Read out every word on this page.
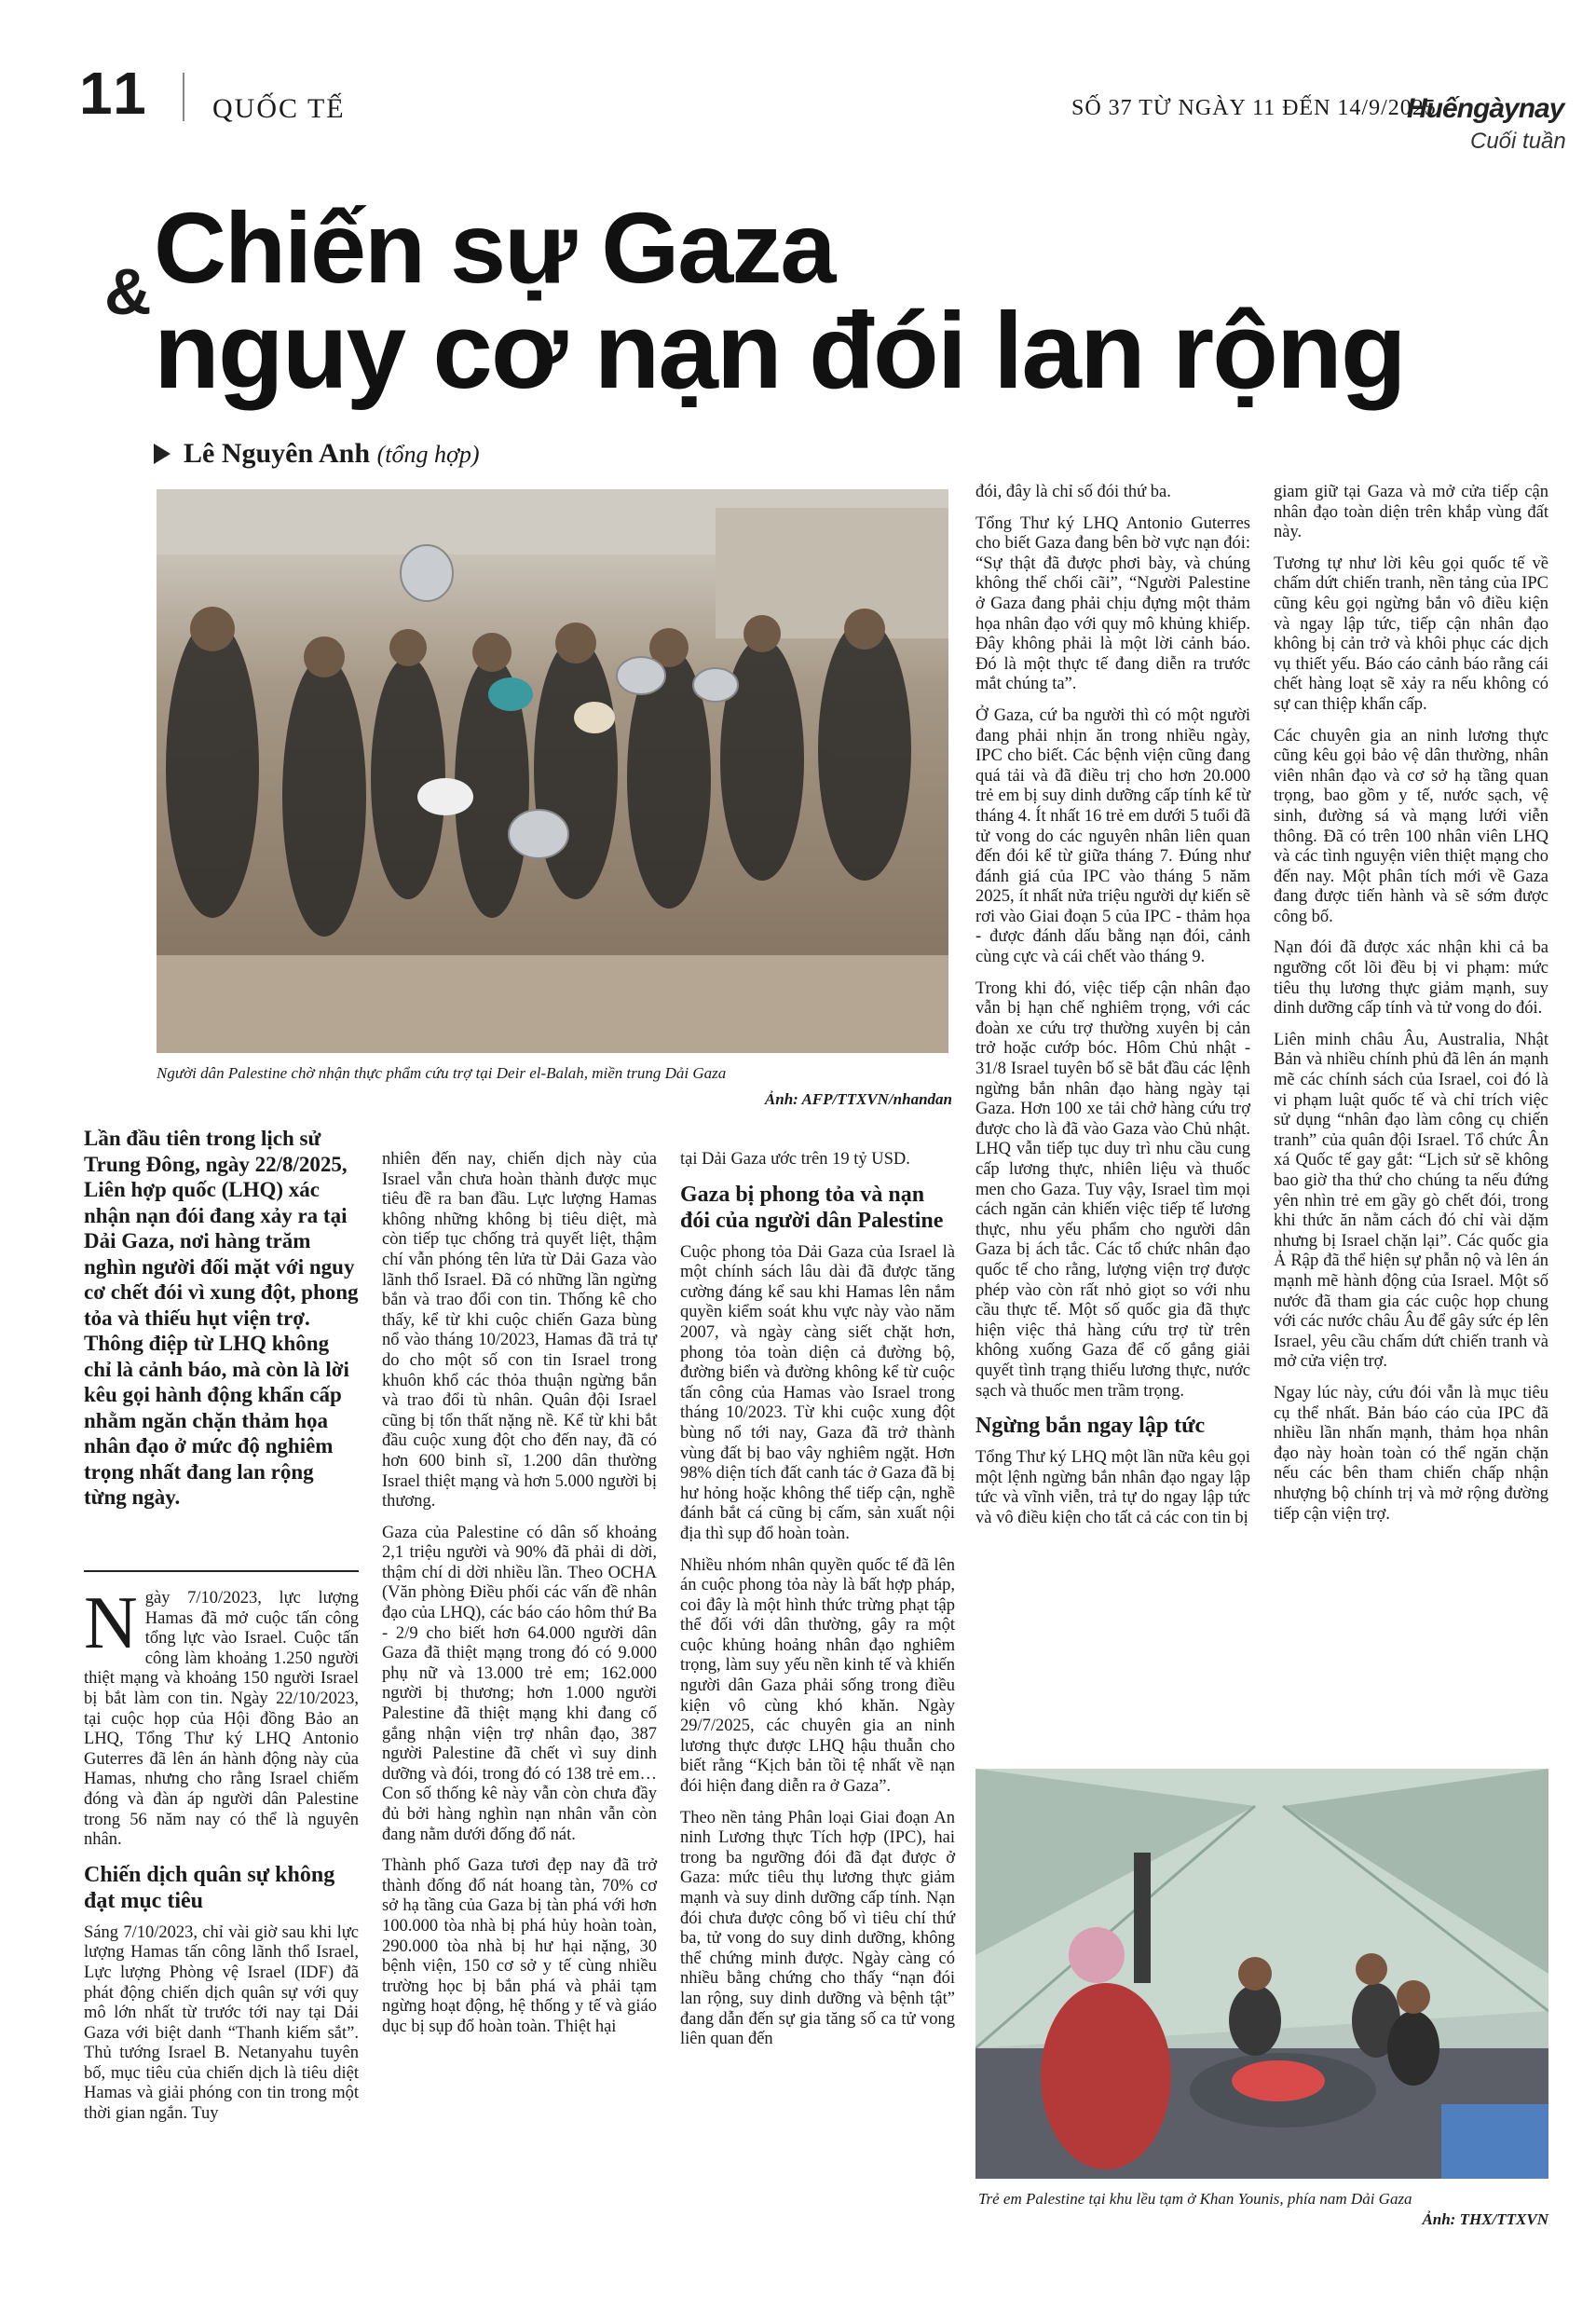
11 QUỐC TẾ	SỐ 37 TỪ NGÀY 11 ĐẾN 14/9/2025
Huếngàynay
Cuối tuần
Chiến sự Gaza
& nguy cơ nạn đói lan rộng
Lê Nguyên Anh (tổng hợp)
Người dân Palestine chờ nhận thực phẩm cứu trợ tại Deir el-Balah, miền trung Dải Gaza
Ảnh: AFP/TTXVN/nhandan
Lần đầu tiên trong lịch sử Trung Đông, ngày 22/8/2025, Liên hợp quốc (LHQ) xác nhận nạn đói đang xảy ra tại Dải Gaza, nơi hàng trăm nghìn người đối mặt với nguy cơ chết đói vì xung đột, phong tỏa và thiếu hụt viện trợ. Thông điệp từ LHQ không chỉ là cảnh báo, mà còn là lời kêu gọi hành động khẩn cấp nhằm ngăn chặn thảm họa nhân đạo ở mức độ nghiêm trọng nhất đang lan rộng từng ngày.

Ngày 7/10/2023, lực lượng Hamas đã mở cuộc tấn công tổng lực vào Israel. Cuộc tấn công làm khoảng 1.250 người thiệt mạng và khoảng 150 người Israel bị bắt làm con tin. Ngày 22/10/2023, tại cuộc họp của Hội đồng Bảo an LHQ, Tổng Thư ký LHQ Antonio Guterres đã lên án hành động này của Hamas, nhưng cho rằng Israel chiếm đóng và đàn áp người dân Palestine trong 56 năm nay có thể là nguyên nhân.

Chiến dịch quân sự không đạt mục tiêu

Sáng 7/10/2023, chỉ vài giờ sau khi lực lượng Hamas tấn công lãnh thổ Israel, Lực lượng Phòng vệ Israel (IDF) đã phát động chiến dịch quân sự với quy mô lớn nhất từ trước tới nay tại Dải Gaza với biệt danh “Thanh kiếm sắt”. Thủ tướng Israel B. Netanyahu tuyên bố, mục tiêu của chiến dịch là tiêu diệt Hamas và giải phóng con tin trong một thời gian ngắn. Tuy

nhiên đến nay, chiến dịch này của Israel vẫn chưa hoàn thành được mục tiêu đề ra ban đầu. Lực lượng Hamas không những không bị tiêu diệt, mà còn tiếp tục chống trả quyết liệt, thậm chí vẫn phóng tên lửa từ Dải Gaza vào lãnh thổ Israel. Đã có những lần ngừng bắn và trao đổi con tin. Thống kê cho thấy, kể từ khi cuộc chiến Gaza bùng nổ vào tháng 10/2023, Hamas đã trả tự do cho một số con tin Israel trong khuôn khổ các thỏa thuận ngừng bắn và trao đổi tù nhân. Quân đội Israel cũng bị tổn thất nặng nề. Kể từ khi bắt đầu cuộc xung đột cho đến nay, đã có hơn 600 binh sĩ, 1.200 dân thường Israel thiệt mạng và hơn 5.000 người bị thương.

Gaza của Palestine có dân số khoảng 2,1 triệu người và 90% đã phải di dời, thậm chí di dời nhiều lần. Theo OCHA (Văn phòng Điều phối các vấn đề nhân đạo của LHQ), các báo cáo hôm thứ Ba - 2/9 cho biết hơn 64.000 người dân Gaza đã thiệt mạng trong đó có 9.000 phụ nữ và 13.000 trẻ em; 162.000 người bị thương; hơn 1.000 người Palestine đã thiệt mạng khi đang cố gắng nhận viện trợ nhân đạo, 387 người Palestine đã chết vì suy dinh dưỡng và đói, trong đó có 138 trẻ em… Con số thống kê này vẫn còn chưa đầy đủ bởi hàng nghìn nạn nhân vẫn còn đang nằm dưới đống đổ nát.

Thành phố Gaza tươi đẹp nay đã trở thành đống đổ nát hoang tàn, 70% cơ sở hạ tầng của Gaza bị tàn phá với hơn 100.000 tòa nhà bị phá hủy hoàn toàn, 290.000 tòa nhà bị hư hại nặng, 30 bệnh viện, 150 cơ sở y tế cùng nhiều trường học bị bắn phá và phải tạm ngừng hoạt động, hệ thống y tế và giáo dục bị sụp đổ hoàn toàn. Thiệt hại

tại Dải Gaza ước trên 19 tỷ USD.

Gaza bị phong tỏa và nạn đói của người dân Palestine

Cuộc phong tỏa Dải Gaza của Israel là một chính sách lâu dài đã được tăng cường đáng kể sau khi Hamas lên nắm quyền kiểm soát khu vực này vào năm 2007, và ngày càng siết chặt hơn, phong tỏa toàn diện cả đường bộ, đường biển và đường không kể từ cuộc tấn công của Hamas vào Israel trong tháng 10/2023. Từ khi cuộc xung đột bùng nổ tới nay, Gaza đã trở thành vùng đất bị bao vây nghiêm ngặt. Hơn 98% diện tích đất canh tác ở Gaza đã bị hư hỏng hoặc không thể tiếp cận, nghề đánh bắt cá cũng bị cấm, sản xuất nội địa thì sụp đổ hoàn toàn.

Nhiều nhóm nhân quyền quốc tế đã lên án cuộc phong tỏa này là bất hợp pháp, coi đây là một hình thức trừng phạt tập thể đối với dân thường, gây ra một cuộc khủng hoảng nhân đạo nghiêm trọng, làm suy yếu nền kinh tế và khiến người dân Gaza phải sống trong điều kiện vô cùng khó khăn. Ngày 29/7/2025, các chuyên gia an ninh lương thực được LHQ hậu thuẫn cho biết rằng “Kịch bản tồi tệ nhất về nạn đói hiện đang diễn ra ở Gaza”.

Theo nền tảng Phân loại Giai đoạn An ninh Lương thực Tích hợp (IPC), hai trong ba ngưỡng đói đã đạt được ở Gaza: mức tiêu thụ lương thực giảm mạnh và suy dinh dưỡng cấp tính. Nạn đói chưa được công bố vì tiêu chí thứ ba, tử vong do suy dinh dưỡng, không thể chứng minh được. Ngày càng có nhiều bằng chứng cho thấy “nạn đói lan rộng, suy dinh dưỡng và bệnh tật” đang dẫn đến sự gia tăng số ca tử vong liên quan đến

đói, đây là chỉ số đói thứ ba.

Tổng Thư ký LHQ Antonio Guterres cho biết Gaza đang bên bờ vực nạn đói: “Sự thật đã được phơi bày, và chúng không thể chối cãi”, “Người Palestine ở Gaza đang phải chịu đựng một thảm họa nhân đạo với quy mô khủng khiếp. Đây không phải là một lời cảnh báo. Đó là một thực tế đang diễn ra trước mắt chúng ta”.

Ở Gaza, cứ ba người thì có một người đang phải nhịn ăn trong nhiều ngày, IPC cho biết. Các bệnh viện cũng đang quá tải và đã điều trị cho hơn 20.000 trẻ em bị suy dinh dưỡng cấp tính kể từ tháng 4. Ít nhất 16 trẻ em dưới 5 tuổi đã tử vong do các nguyên nhân liên quan đến đói kể từ giữa tháng 7. Đúng như đánh giá của IPC vào tháng 5 năm 2025, ít nhất nửa triệu người dự kiến sẽ rơi vào Giai đoạn 5 của IPC - thảm họa - được đánh dấu bằng nạn đói, cảnh cùng cực và cái chết vào tháng 9.

Trong khi đó, việc tiếp cận nhân đạo vẫn bị hạn chế nghiêm trọng, với các đoàn xe cứu trợ thường xuyên bị cản trở hoặc cướp bóc. Hôm Chủ nhật - 31/8 Israel tuyên bố sẽ bắt đầu các lệnh ngừng bắn nhân đạo hàng ngày tại Gaza. Hơn 100 xe tải chở hàng cứu trợ được cho là đã vào Gaza vào Chủ nhật. LHQ vẫn tiếp tục duy trì nhu cầu cung cấp lương thực, nhiên liệu và thuốc men cho Gaza. Tuy vậy, Israel tìm mọi cách ngăn cản khiến việc tiếp tế lương thực, nhu yếu phẩm cho người dân Gaza bị ách tắc. Các tổ chức nhân đạo quốc tế cho rằng, lượng viện trợ được phép vào còn rất nhỏ giọt so với nhu cầu thực tế. Một số quốc gia đã thực hiện việc thả hàng cứu trợ từ trên không xuống Gaza để cố gắng giải quyết tình trạng thiếu lương thực, nước sạch và thuốc men trầm trọng.

Ngừng bắn ngay lập tức

Tổng Thư ký LHQ một lần nữa kêu gọi một lệnh ngừng bắn nhân đạo ngay lập tức và vĩnh viễn, trả tự do ngay lập tức và vô điều kiện cho tất cả các con tin bị

giam giữ tại Gaza và mở cửa tiếp cận nhân đạo toàn diện trên khắp vùng đất này.

Tương tự như lời kêu gọi quốc tế về chấm dứt chiến tranh, nền tảng của IPC cũng kêu gọi ngừng bắn vô điều kiện và ngay lập tức, tiếp cận nhân đạo không bị cản trở và khôi phục các dịch vụ thiết yếu. Báo cáo cảnh báo rằng cái chết hàng loạt sẽ xảy ra nếu không có sự can thiệp khẩn cấp.

Các chuyên gia an ninh lương thực cũng kêu gọi bảo vệ dân thường, nhân viên nhân đạo và cơ sở hạ tầng quan trọng, bao gồm y tế, nước sạch, vệ sinh, đường sá và mạng lưới viễn thông. Đã có trên 100 nhân viên LHQ và các tình nguyện viên thiệt mạng cho đến nay. Một phân tích mới về Gaza đang được tiến hành và sẽ sớm được công bố.

Nạn đói đã được xác nhận khi cả ba ngưỡng cốt lõi đều bị vi phạm: mức tiêu thụ lương thực giảm mạnh, suy dinh dưỡng cấp tính và tử vong do đói.

Liên minh châu Âu, Australia, Nhật Bản và nhiều chính phủ đã lên án mạnh mẽ các chính sách của Israel, coi đó là vi phạm luật quốc tế và chỉ trích việc sử dụng “nhân đạo làm công cụ chiến tranh” của quân đội Israel. Tổ chức Ân xá Quốc tế gay gắt: “Lịch sử sẽ không bao giờ tha thứ cho chúng ta nếu đứng yên nhìn trẻ em gầy gò chết đói, trong khi thức ăn nằm cách đó chỉ vài dặm nhưng bị Israel chặn lại”. Các quốc gia Ả Rập đã thể hiện sự phẫn nộ và lên án mạnh mẽ hành động của Israel. Một số nước đã tham gia các cuộc họp chung với các nước châu Âu để gây sức ép lên Israel, yêu cầu chấm dứt chiến tranh và mở cửa viện trợ.

Ngay lúc này, cứu đói vẫn là mục tiêu cụ thể nhất. Bản báo cáo của IPC đã nhiều lần nhấn mạnh, thảm họa nhân đạo này hoàn toàn có thể ngăn chặn nếu các bên tham chiến chấp nhận nhượng bộ chính trị và mở rộng đường tiếp cận viện trợ.

Trẻ em Palestine tại khu lều tạm ở Khan Younis, phía nam Dải Gaza
Ảnh: THX/TTXVN
